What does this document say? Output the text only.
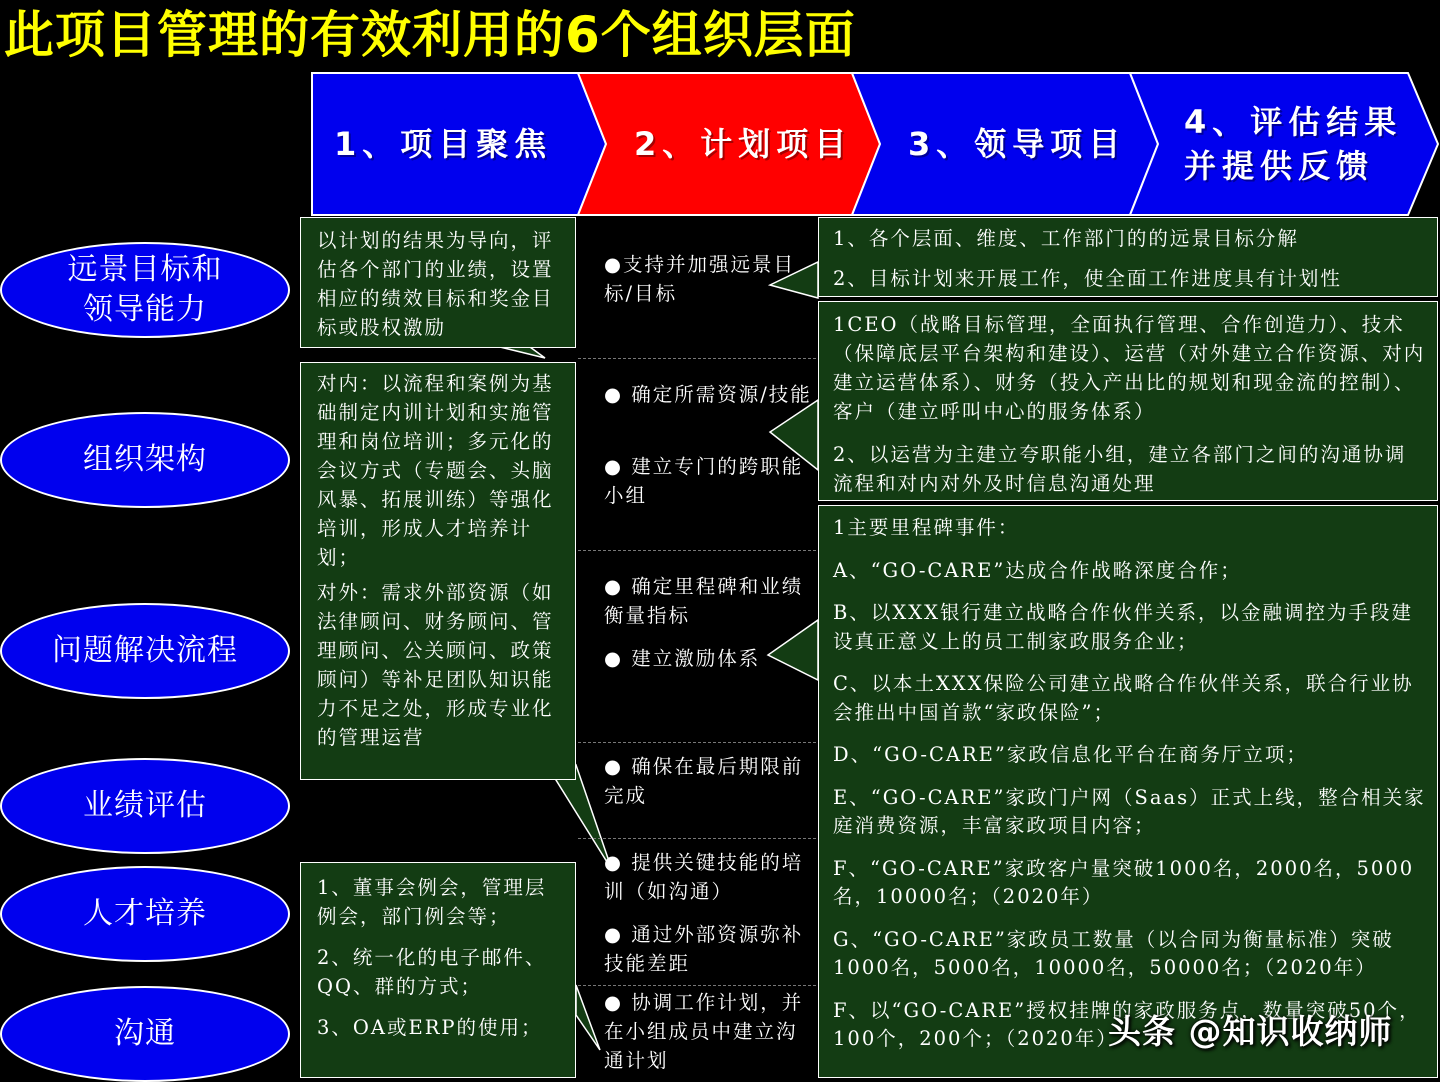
此项目管理的有效利用的6个组织层面
1、项目聚焦	2、计划项目 3、领导项目
4、评估结果
并提供反馈
远景目标和
领导能力
组织架构
问题解决流程
业绩评估
人才培养
沟通
以计划的结果为导向，评估各个部门的业绩，设置相应的绩效目标和奖金目标或股权激励

对内：以流程和案例为基础制定内训计划和实施管理和岗位培训；多元化的会议方式（专题会、头脑风暴、拓展训练）等强化培训，形成人才培养计划；

对外：需求外部资源（如法律顾问、财务顾问、管理顾问、公关顾问、政策顾问）等补足团队知识能力不足之处，形成专业化的管理运营

1、董事会例会，管理层例会，部门例会等；

2、统一化的电子邮件、QQ、群的方式；

3、OA或ERP的使用；

●支持并加强远景目标/目标
● 确定所需资源/技能
● 建立专门的跨职能小组
● 确定里程碑和业绩衡量指标
● 建立激励体系
● 确保在最后期限前完成
● 提供关键技能的培训（如沟通）
● 通过外部资源弥补技能差距
● 协调工作计划，并在小组成员中建立沟通计划

1、各个层面、维度、工作部门的的远景目标分解

2、目标计划来开展工作，使全面工作进度具有计划性

1CEO（战略目标管理，全面执行管理、合作创造力）、技术（保障底层平台架构和建设）、运营（对外建立合作资源、对内建立运营体系）、财务（投入产出比的规划和现金流的控制）、客户（建立呼叫中心的服务体系）

2、以运营为主建立夸职能小组，建立各部门之间的沟通协调流程和对内对外及时信息沟通处理

1主要里程碑事件：

A、“GO-CARE”达成合作战略深度合作；

B、以XXX银行建立战略合作伙伴关系，以金融调控为手段建设真正意义上的员工制家政服务企业；

C、以本土XXX保险公司建立战略合作伙伴关系，联合行业协会推出中国首款“家政保险”；

D、“GO-CARE”家政信息化平台在商务厅立项；

E、“GO-CARE”家政门户网（Saas）正式上线，整合相关家庭消费资源，丰富家政项目内容；

F、“GO-CARE”家政客户量突破1000名，2000名，5000名，10000名；（2020年）

G、“GO-CARE”家政员工数量（以合同为衡量标准）突破1000名，5000名，10000名，50000名；（2020年）

F、以“GO-CARE”授权挂牌的家政服务点，数量突破50个，100个，200个；（2020年）

头条 @知识收纳师
